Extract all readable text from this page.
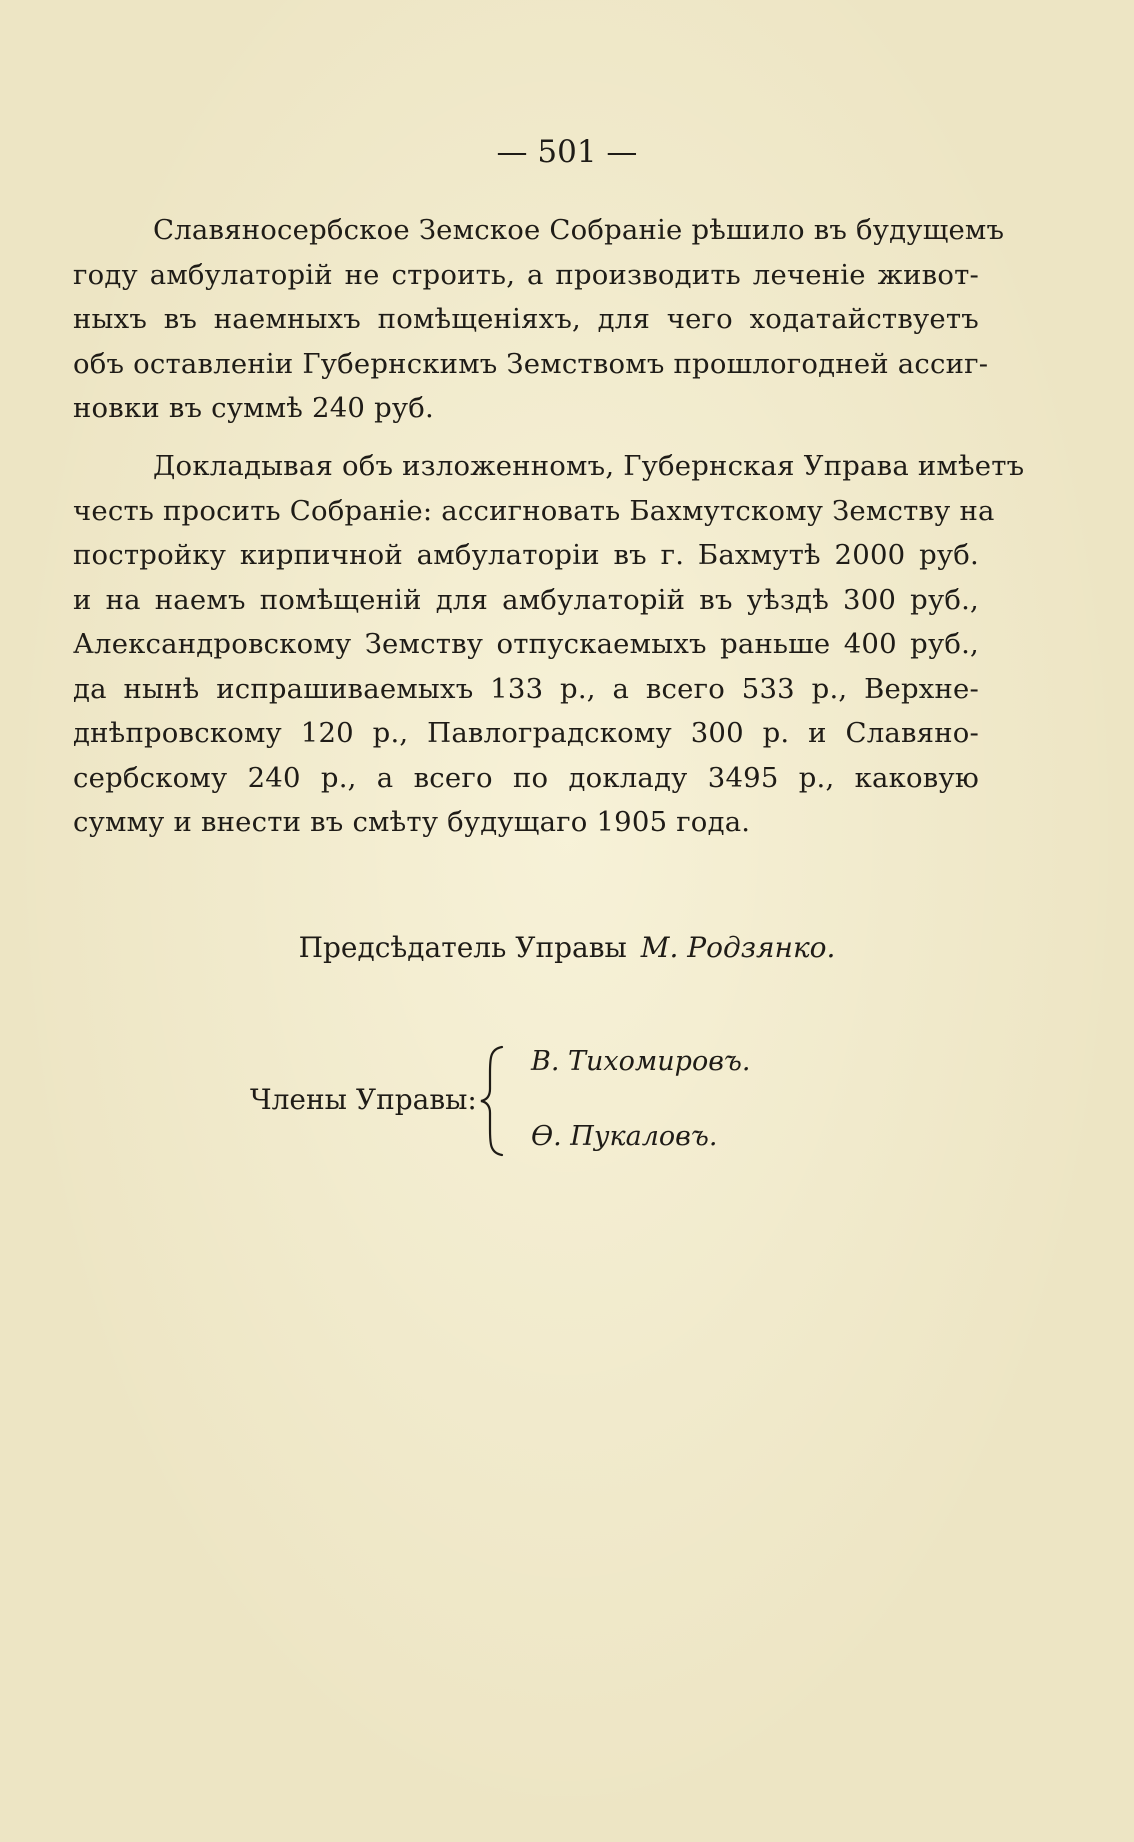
— 501 —
Славяносербское Земское Собраніе рѣшило въ будущемъ
году амбулаторій не строить, а производить леченіе живот-
ныхъ въ наемныхъ помѣщеніяхъ, для чего ходатайствуетъ
объ оставленіи Губернскимъ Земствомъ прошлогодней ассиг-
новки въ суммѣ 240 руб.
Докладывая объ изложенномъ, Губернская Управа имѣетъ
честь просить Собраніе: ассигновать Бахмутскому Земству на
постройку кирпичной амбулаторіи въ г. Бахмутѣ 2000 руб.
и на наемъ помѣщеній для амбулаторій въ уѣздѣ 300 руб.,
Александровскому Земству отпускаемыхъ раньше 400 руб.,
да нынѣ испрашиваемыхъ 133 р., а всего 533 р., Верхне-
днѣпровскому 120 р., Павлоградскому 300 р. и Славяно-
сербскому 240 р., а всего по докладу 3495 р., каковую
сумму и внести въ смѣту будущаго 1905 года.
Предсѣдатель Управы М. Родзянко.
Члены Управы:
В. Тихомировъ.
Ѳ. Пукаловъ.
